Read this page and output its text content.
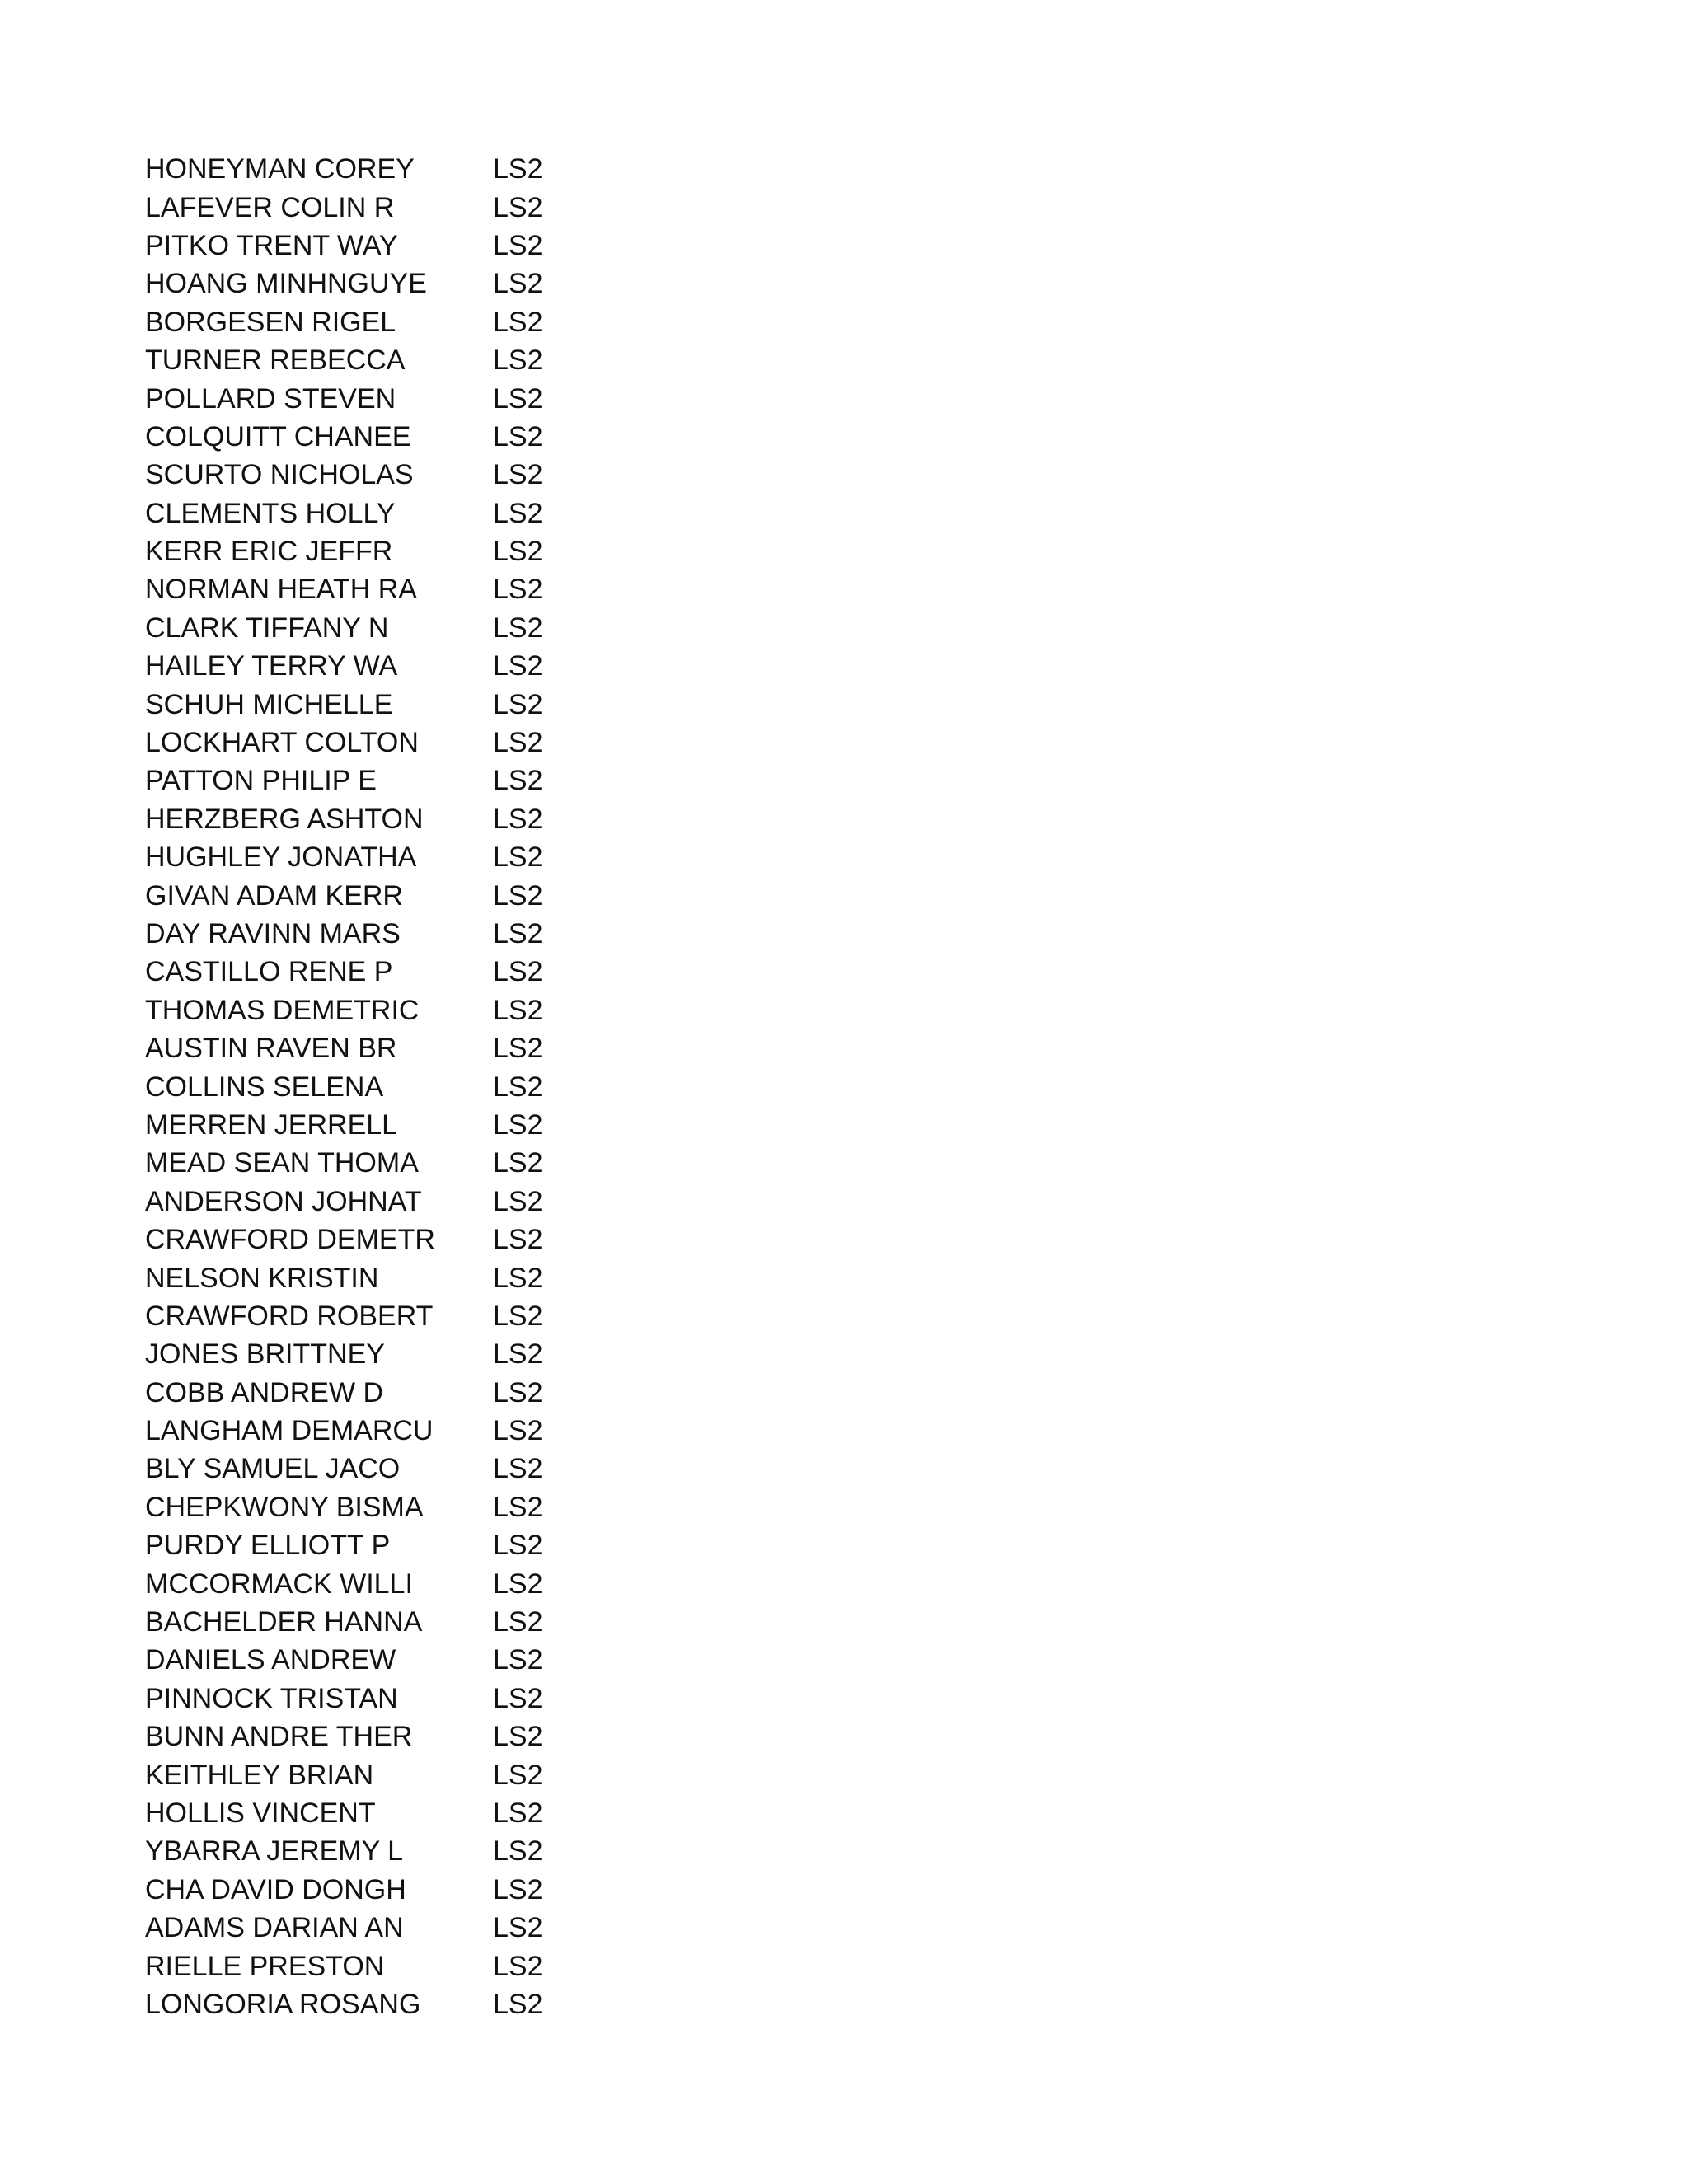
HONEYMAN COREY	LS2
LAFEVER COLIN R	LS2
PITKO TRENT WAY	LS2
HOANG MINHNGUYE	LS2
BORGESEN RIGEL	LS2
TURNER REBECCA	LS2
POLLARD STEVEN	LS2
COLQUITT CHANEE	LS2
SCURTO NICHOLAS	LS2
CLEMENTS HOLLY	LS2
KERR ERIC JEFFR	LS2
NORMAN HEATH RA	LS2
CLARK TIFFANY N	LS2
HAILEY TERRY WA	LS2
SCHUH MICHELLE	LS2
LOCKHART COLTON	LS2
PATTON PHILIP E	LS2
HERZBERG ASHTON	LS2
HUGHLEY JONATHA	LS2
GIVAN ADAM KERR	LS2
DAY RAVINN MARS	LS2
CASTILLO RENE P	LS2
THOMAS DEMETRIC	LS2
AUSTIN RAVEN BR	LS2
COLLINS SELENA	LS2
MERREN JERRELL	LS2
MEAD SEAN THOMA	LS2
ANDERSON JOHNAT	LS2
CRAWFORD DEMETR	LS2
NELSON KRISTIN	LS2
CRAWFORD ROBERT	LS2
JONES BRITTNEY	LS2
COBB ANDREW D	LS2
LANGHAM DEMARCU	LS2
BLY SAMUEL JACO	LS2
CHEPKWONY BISMA	LS2
PURDY ELLIOTT P	LS2
MCCORMACK WILLI	LS2
BACHELDER HANNA	LS2
DANIELS ANDREW	LS2
PINNOCK TRISTAN	LS2
BUNN ANDRE THER	LS2
KEITHLEY BRIAN	LS2
HOLLIS VINCENT	LS2
YBARRA JEREMY L	LS2
CHA DAVID DONGH	LS2
ADAMS DARIAN AN	LS2
RIELLE PRESTON	LS2
LONGORIA ROSANG	LS2
